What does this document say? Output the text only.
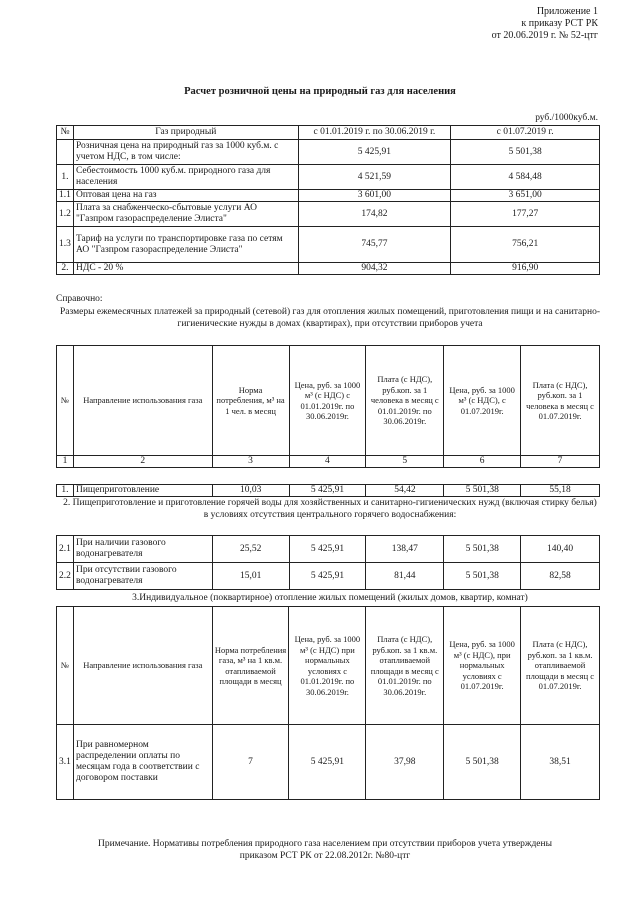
Приложение 1
к приказу РСТ РК
от 20.06.2019 г. № 52-цтг
Расчет розничной цены на природный газ для населения
руб./1000куб.м.
№	Газ природный	с 01.01.2019 г. по 30.06.2019 г.	с 01.07.2019 г.
	Розничная цена на природный газ за 1000 куб.м. с учетом НДС, в том числе:	5 425,91	5 501,38
1.	Себестоимость 1000 куб.м. природного газа для населения	4 521,59	4 584,48
1.1	Оптовая цена на газ	3 601,00	3 651,00
1.2	Плата за снабженческо-сбытовые услуги АО "Газпром газораспределение Элиста"	174,82	177,27
1.3	Тариф на услуги по транспортировке газа по сетям АО "Газпром газораспределение Элиста"	745,77	756,21
2.	НДС - 20 %	904,32	916,90
Справочно:
Размеры ежемесячных платежей за природный (сетевой) газ для отопления жилых помещений, приготовления пищи и на санитарно-гигиенические нужды в домах (квартирах), при отсутствии приборов учета
№	Направление использования газа	Норма потребления, м³ на 1 чел. в месяц	Цена, руб. за 1000 м³ (с НДС) с 01.01.2019г. по 30.06.2019г.	Плата (с НДС), руб.коп. за 1 человека в месяц с 01.01.2019г. по 30.06.2019г.	Цена, руб. за 1000 м³ (с НДС), с 01.07.2019г.	Плата (с НДС), руб.коп. за 1 человека в месяц с 01.07.2019г.
1	2	3	4	5	6	7
1.	Пищеприготовление	10,03	5 425,91	54,42	5 501,38	55,18
2. Пищеприготовление и приготовление горячей воды для хозяйственных и санитарно-гигиенических нужд (включая стирку белья) в условиях отсутствия центрального горячего водоснабжения:
2.1	При наличии газового водонагревателя	25,52	5 425,91	138,47	5 501,38	140,40
2.2	При отсутствии газового водонагревателя	15,01	5 425,91	81,44	5 501,38	82,58
3.Индивидуальное (поквартирное) отопление жилых помещений (жилых домов, квартир, комнат)
№	Направление использования газа	Норма потребления газа, м³ на 1 кв.м. отапливаемой площади в месяц	Цена, руб. за 1000 м³ (с НДС) при нормальных условиях с 01.01.2019г. по 30.06.2019г.	Плата (с НДС), руб.коп. за 1 кв.м. отапливаемой площади в месяц с 01.01.2019г. по 30.06.2019г.	Цена, руб. за 1000 м³ (с НДС), при нормальных условиях с 01.07.2019г.	Плата (с НДС), руб.коп. за 1 кв.м. отапливаемой площади в месяц с 01.07.2019г.
3.1	При равномерном распределении оплаты по месяцам года в соответствии с договором поставки	7	5 425,91	37,98	5 501,38	38,51
Примечание. Нормативы потребления природного газа населением при отсутствии приборов учета утверждены приказом РСТ РК от 22.08.2012г. №80-цтг
